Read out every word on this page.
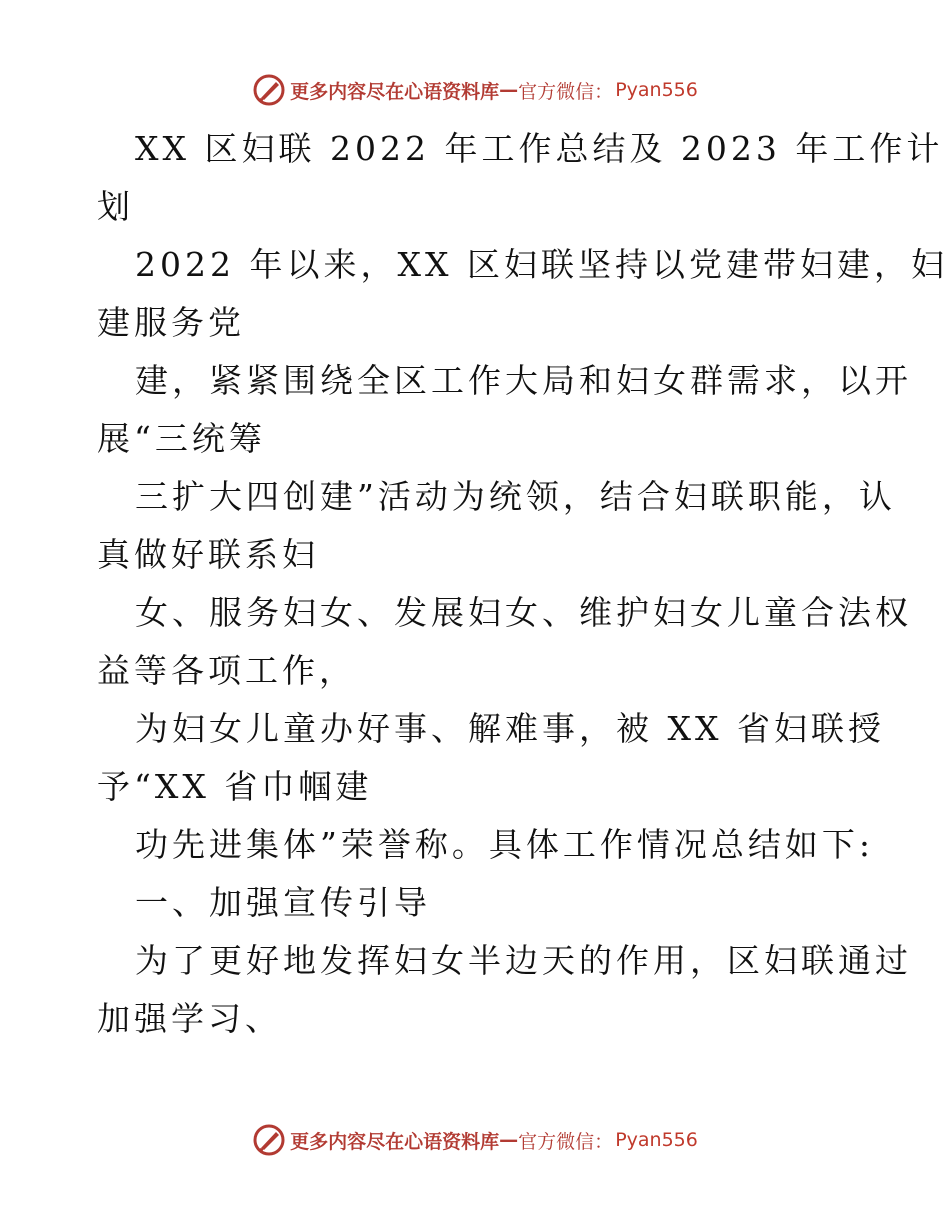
更多内容尽在心语资料库 — 官方微信： Pyan556
XX 区妇联 2022 年工作总结及 2023 年工作计
划
2022 年以来，XX 区妇联坚持以党建带妇建，妇
建服务党
建，紧紧围绕全区工作大局和妇女群需求，以开
展“三统筹
三扩大四创建”活动为统领，结合妇联职能，认
真做好联系妇
女、服务妇女、发展妇女、维护妇女儿童合法权
益等各项工作，
为妇女儿童办好事、解难事，被 XX 省妇联授
予“XX 省巾帼建
功先进集体”荣誉称。具体工作情况总结如下:
一、加强宣传引导
为了更好地发挥妇女半边天的作用，区妇联通过
加强学习、
更多内容尽在心语资料库 — 官方微信： Pyan556
